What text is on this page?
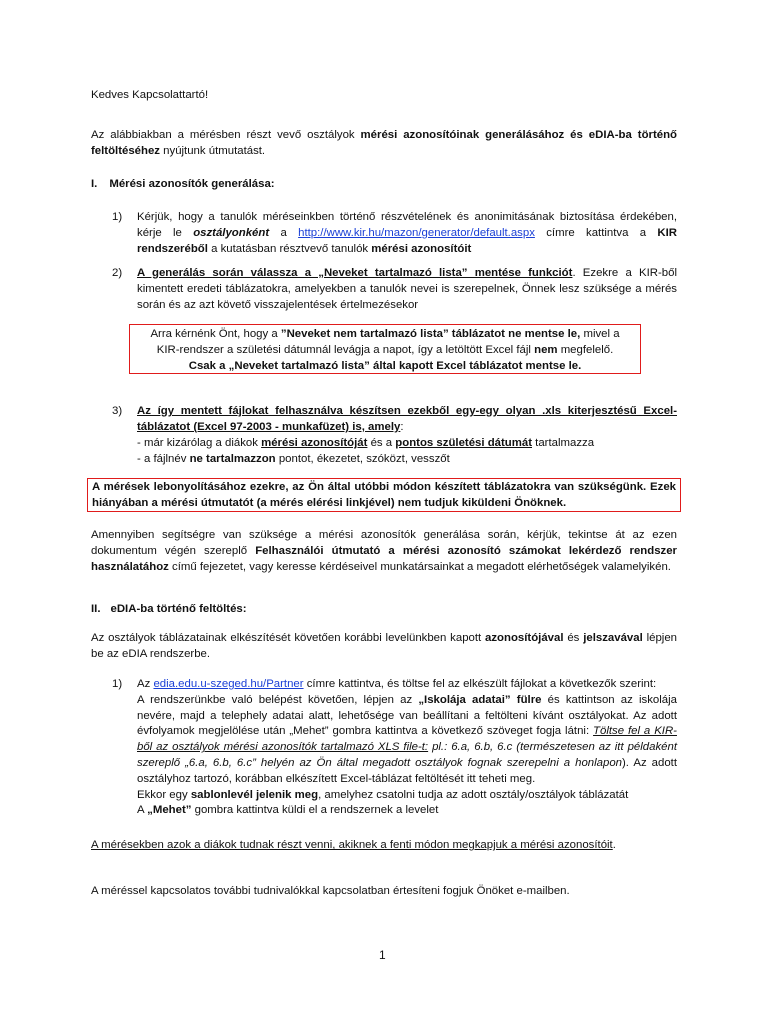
Kedves Kapcsolattartó!

Az alábbiakban a mérésben részt vevő osztályok mérési azonosítóinak generálásához és eDIA-ba történő feltöltéséhez nyújtunk útmutatást.

I. Mérési azonosítók generálása:

1) Kérjük, hogy a tanulók méréseinkben történő részvételének és anonimitásának biztosítása érdekében, kérje le osztályonként a http://www.kir.hu/mazon/generator/default.aspx címre kattintva a KIR rendszeréből a kutatásban résztvevő tanulók mérési azonosítóit

2) A generálás során válassza a „Neveket tartalmazó lista” mentése funkciót. Ezekre a KIR-ből kimentett eredeti táblázatokra, amelyekben a tanulók nevei is szerepelnek, Önnek lesz szüksége a mérés során és az azt követő visszajelentések értelmezésekor

Arra kérnénk Önt, hogy a ”Neveket nem tartalmazó lista” táblázatot ne mentse le, mivel a KIR-rendszer a születési dátumnál levágja a napot, így a letöltött Excel fájl nem megfelelő.
Csak a „Neveket tartalmazó lista” által kapott Excel táblázatot mentse le.

3) Az így mentett fájlokat felhasználva készítsen ezekből egy-egy olyan .xls kiterjesztésű Excel-táblázatot (Excel 97-2003 - munkafüzet) is, amely:

- már kizárólag a diákok mérési azonosítóját és a pontos születési dátumát tartalmazza

- a fájlnév ne tartalmazzon pontot, ékezetet, szóközt, vesszőt

A mérések lebonyolításához ezekre, az Ön által utóbbi módon készített táblázatokra van szükségünk. Ezek hiányában a mérési útmutatót (a mérés elérési linkjével) nem tudjuk kiküldeni Önöknek.

Amennyiben segítségre van szüksége a mérési azonosítók generálása során, kérjük, tekintse át az ezen dokumentum végén szereplő Felhasználói útmutató a mérési azonosító számokat lekérdező rendszer használatához című fejezetet, vagy keresse kérdéseivel munkatársainkat a megadott elérhetőségek valamelyikén.

II. eDIA-ba történő feltöltés:

Az osztályok táblázatainak elkészítését követően korábbi levelünkben kapott azonosítójával és jelszavával lépjen be az eDIA rendszerbe.

1) Az edia.edu.u-szeged.hu/Partner címre kattintva, és töltse fel az elkészült fájlokat a következők szerint:

A rendszerünkbe való belépést követően, lépjen az „Iskolája adatai” fülre és kattintson az iskolája nevére, majd a telephely adatai alatt, lehetősége van beállítani a feltölteni kívánt osztályokat. Az adott évfolyamok megjelölése után „Mehet” gombra kattintva a következő szöveget fogja látni: Töltse fel a KIR-ből az osztályok mérési azonosítók tartalmazó XLS file-t: pl.: 6.a, 6.b, 6.c (természetesen az itt példaként szereplő „6.a, 6.b, 6.c” helyén az Ön által megadott osztályok fognak szerepelni a honlapon). Az adott osztályhoz tartozó, korábban elkészített Excel-táblázat feltöltését itt teheti meg.

Ekkor egy sablonlevél jelenik meg, amelyhez csatolni tudja az adott osztály/osztályok táblázatát

A „Mehet” gombra kattintva küldi el a rendszernek a levelet

A mérésekben azok a diákok tudnak részt venni, akiknek a fenti módon megkapjuk a mérési azonosítóit.

A méréssel kapcsolatos további tudnivalókkal kapcsolatban értesíteni fogjuk Önöket e-mailben.

1
